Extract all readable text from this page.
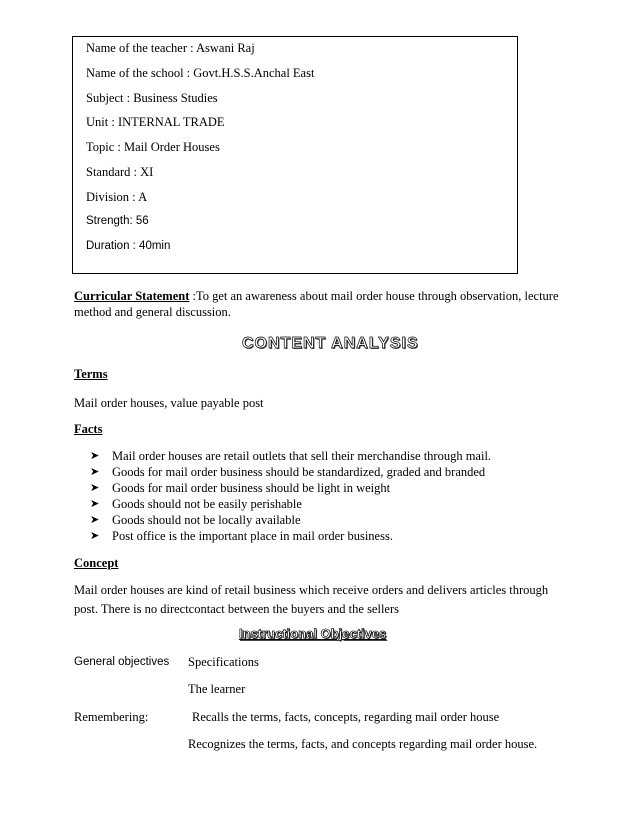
Name of the teacher : Aswani Raj
Name of the school : Govt.H.S.S.Anchal East
Subject : Business Studies
Unit : INTERNAL TRADE
Topic : Mail Order Houses
Standard : XI
Division : A
Strength: 56
Duration : 40min
Curricular Statement :To get an awareness about mail order house through observation, lecture
method and general discussion.
CONTENT ANALYSIS
Terms
Mail order houses, value payable post
Facts
➤ Mail order houses are retail outlets that sell their merchandise through mail.
➤ Goods for mail order business should be standardized, graded and branded
➤ Goods for mail order business should be light in weight
➤ Goods should not be easily perishable
➤ Goods should not be locally available
➤ Post office is the important place in mail order business.
Concept
Mail order houses are kind of retail business which receive orders and delivers articles through
post. There is no directcontact between the buyers and the sellers
Instructional Objectives
General objectives Specifications
The learner
Remembering:	Recalls the terms, facts, concepts, regarding mail order house
Recognizes the terms, facts, and concepts regarding mail order house.
